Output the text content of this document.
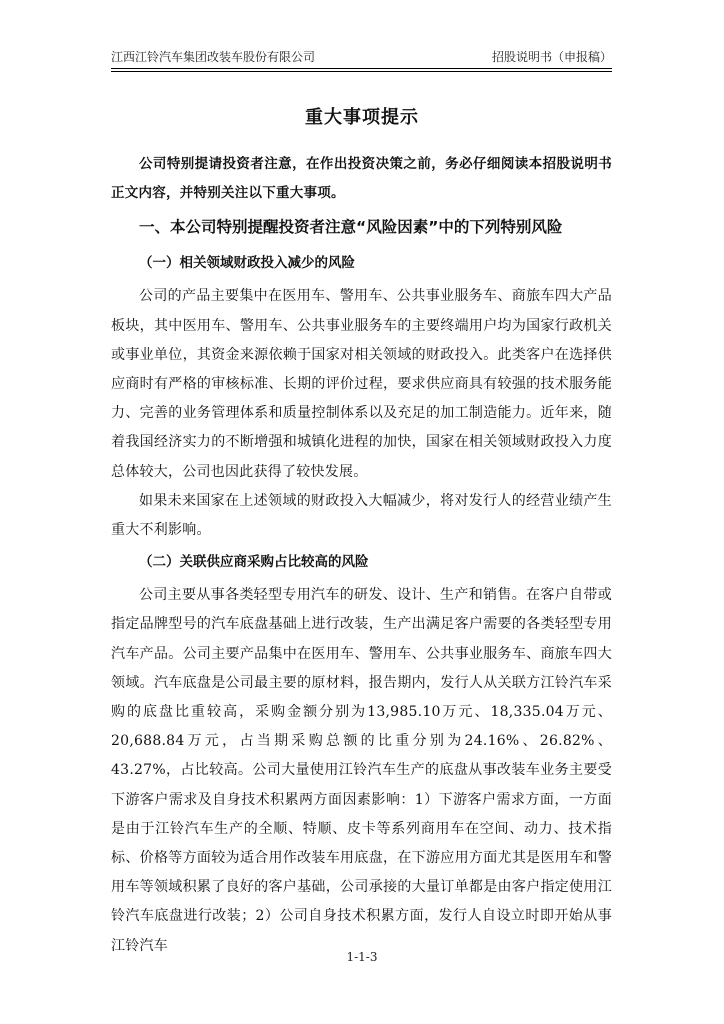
江西江铃汽车集团改装车股份有限公司	招股说明书（申报稿）
重大事项提示

公司特别提请投资者注意，在作出投资决策之前，务必仔细阅读本招股说明书正文内容，并特别关注以下重大事项。

一、本公司特别提醒投资者注意“风险因素”中的下列特别风险

（一）相关领域财政投入减少的风险

公司的产品主要集中在医用车、警用车、公共事业服务车、商旅车四大产品板块，其中医用车、警用车、公共事业服务车的主要终端用户均为国家行政机关或事业单位，其资金来源依赖于国家对相关领域的财政投入。此类客户在选择供应商时有严格的审核标准、长期的评价过程，要求供应商具有较强的技术服务能力、完善的业务管理体系和质量控制体系以及充足的加工制造能力。近年来，随着我国经济实力的不断增强和城镇化进程的加快，国家在相关领域财政投入力度总体较大，公司也因此获得了较快发展。

如果未来国家在上述领域的财政投入大幅减少，将对发行人的经营业绩产生重大不利影响。

（二）关联供应商采购占比较高的风险

公司主要从事各类轻型专用汽车的研发、设计、生产和销售。在客户自带或指定品牌型号的汽车底盘基础上进行改装，生产出满足客户需要的各类轻型专用汽车产品。公司主要产品集中在医用车、警用车、公共事业服务车、商旅车四大领域。汽车底盘是公司最主要的原材料，报告期内，发行人从关联方江铃汽车采购的底盘比重较高，采购金额分别为13,985.10万元、18,335.04万元、20,688.84万元，占当期采购总额的比重分别为24.16%、26.82%、43.27%，占比较高。公司大量使用江铃汽车生产的底盘从事改装车业务主要受下游客户需求及自身技术积累两方面因素影响：1）下游客户需求方面，一方面是由于江铃汽车生产的全顺、特顺、皮卡等系列商用车在空间、动力、技术指标、价格等方面较为适合用作改装车用底盘，在下游应用方面尤其是医用车和警用车等领域积累了良好的客户基础，公司承接的大量订单都是由客户指定使用江铃汽车底盘进行改装；2）公司自身技术积累方面，发行人自设立时即开始从事江铃汽车

1-1-3
